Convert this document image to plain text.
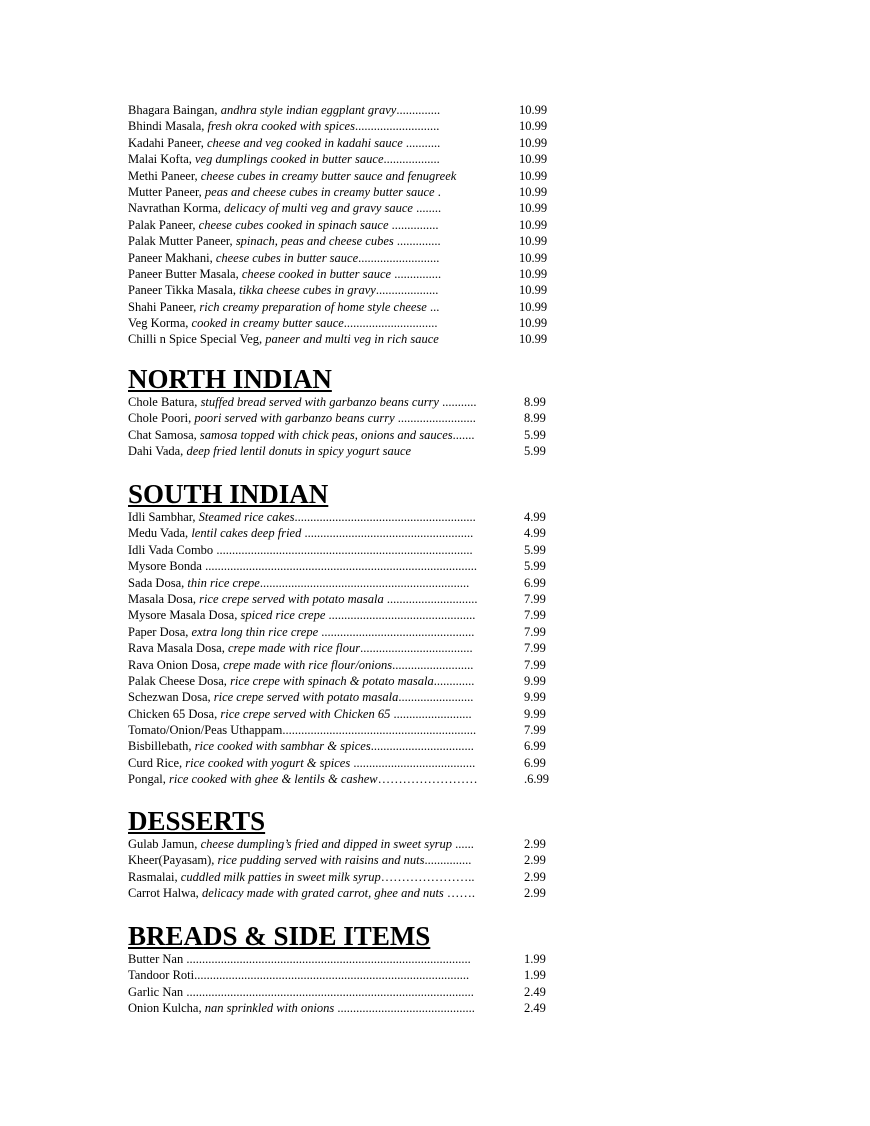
Bhagara Baingan, andhra style indian eggplant gravy..............	10.99
Bhindi Masala, fresh okra cooked with spices...........................	10.99
Kadahi Paneer, cheese and veg cooked in kadahi sauce ...........	10.99
Malai Kofta, veg dumplings cooked in butter sauce..................	10.99
Methi Paneer, cheese cubes in creamy butter sauce and fenugreek	10.99
Mutter Paneer, peas and cheese cubes in creamy butter sauce .	10.99
Navrathan Korma, delicacy of multi veg and gravy sauce ........	10.99
Palak Paneer, cheese cubes cooked in spinach sauce ...............	10.99
Palak Mutter Paneer, spinach, peas and cheese cubes ..............	10.99
Paneer Makhani, cheese cubes in butter sauce..........................	10.99
Paneer Butter Masala, cheese cooked in butter sauce ...............	10.99
Paneer Tikka Masala, tikka cheese cubes in gravy....................	10.99
Shahi Paneer, rich creamy preparation of home style cheese ...	10.99
Veg Korma, cooked in creamy butter sauce..............................	10.99
Chilli n Spice Special Veg, paneer and multi veg in rich sauce	10.99
NORTH INDIAN
Chole Batura, stuffed bread served with garbanzo beans curry ...........	8.99
Chole Poori, poori served with garbanzo beans curry .........................	8.99
Chat Samosa, samosa topped with chick peas, onions and sauces.......	5.99
Dahi Vada, deep fried lentil donuts in spicy yogurt sauce	5.99
SOUTH INDIAN
Idli Sambhar, Steamed rice cakes..........................................................	4.99
Medu Vada, lentil cakes deep fried ......................................................	4.99
Idli Vada Combo ..................................................................................	5.99
Mysore Bonda .......................................................................................	5.99
Sada Dosa, thin rice crepe...................................................................	6.99
Masala Dosa, rice crepe served with potato masala .............................	7.99
Mysore Masala Dosa, spiced rice crepe ...............................................	7.99
Paper Dosa, extra long thin rice crepe .................................................	7.99
Rava Masala Dosa, crepe made with rice flour....................................	7.99
Rava Onion Dosa, crepe made with rice flour/onions..........................	7.99
Palak Cheese Dosa, rice crepe with spinach & potato masala.............	9.99
Schezwan Dosa, rice crepe served with potato masala........................	9.99
Chicken 65 Dosa, rice crepe served with Chicken 65 .........................	9.99
Tomato/Onion/Peas Uthappam..............................................................	7.99
Bisbillebath, rice cooked with sambhar & spices.................................	6.99
Curd Rice, rice cooked with yogurt & spices .......................................	6.99
Pongal, rice cooked with ghee & lentils & cashew……………………	.6.99
DESSERTS
Gulab Jamun, cheese dumpling’s fried and dipped in sweet syrup ......	2.99
Kheer(Payasam), rice pudding served with raisins and nuts...............	2.99
Rasmalai, cuddled milk patties in sweet milk syrup…………………..	2.99
Carrot Halwa, delicacy made with grated carrot, ghee and nuts …….	2.99
BREADS & SIDE ITEMS
Butter Nan ...........................................................................................	1.99
Tandoor Roti........................................................................................	1.99
Garlic Nan ............................................................................................	2.49
Onion Kulcha, nan sprinkled with onions ............................................	2.49
